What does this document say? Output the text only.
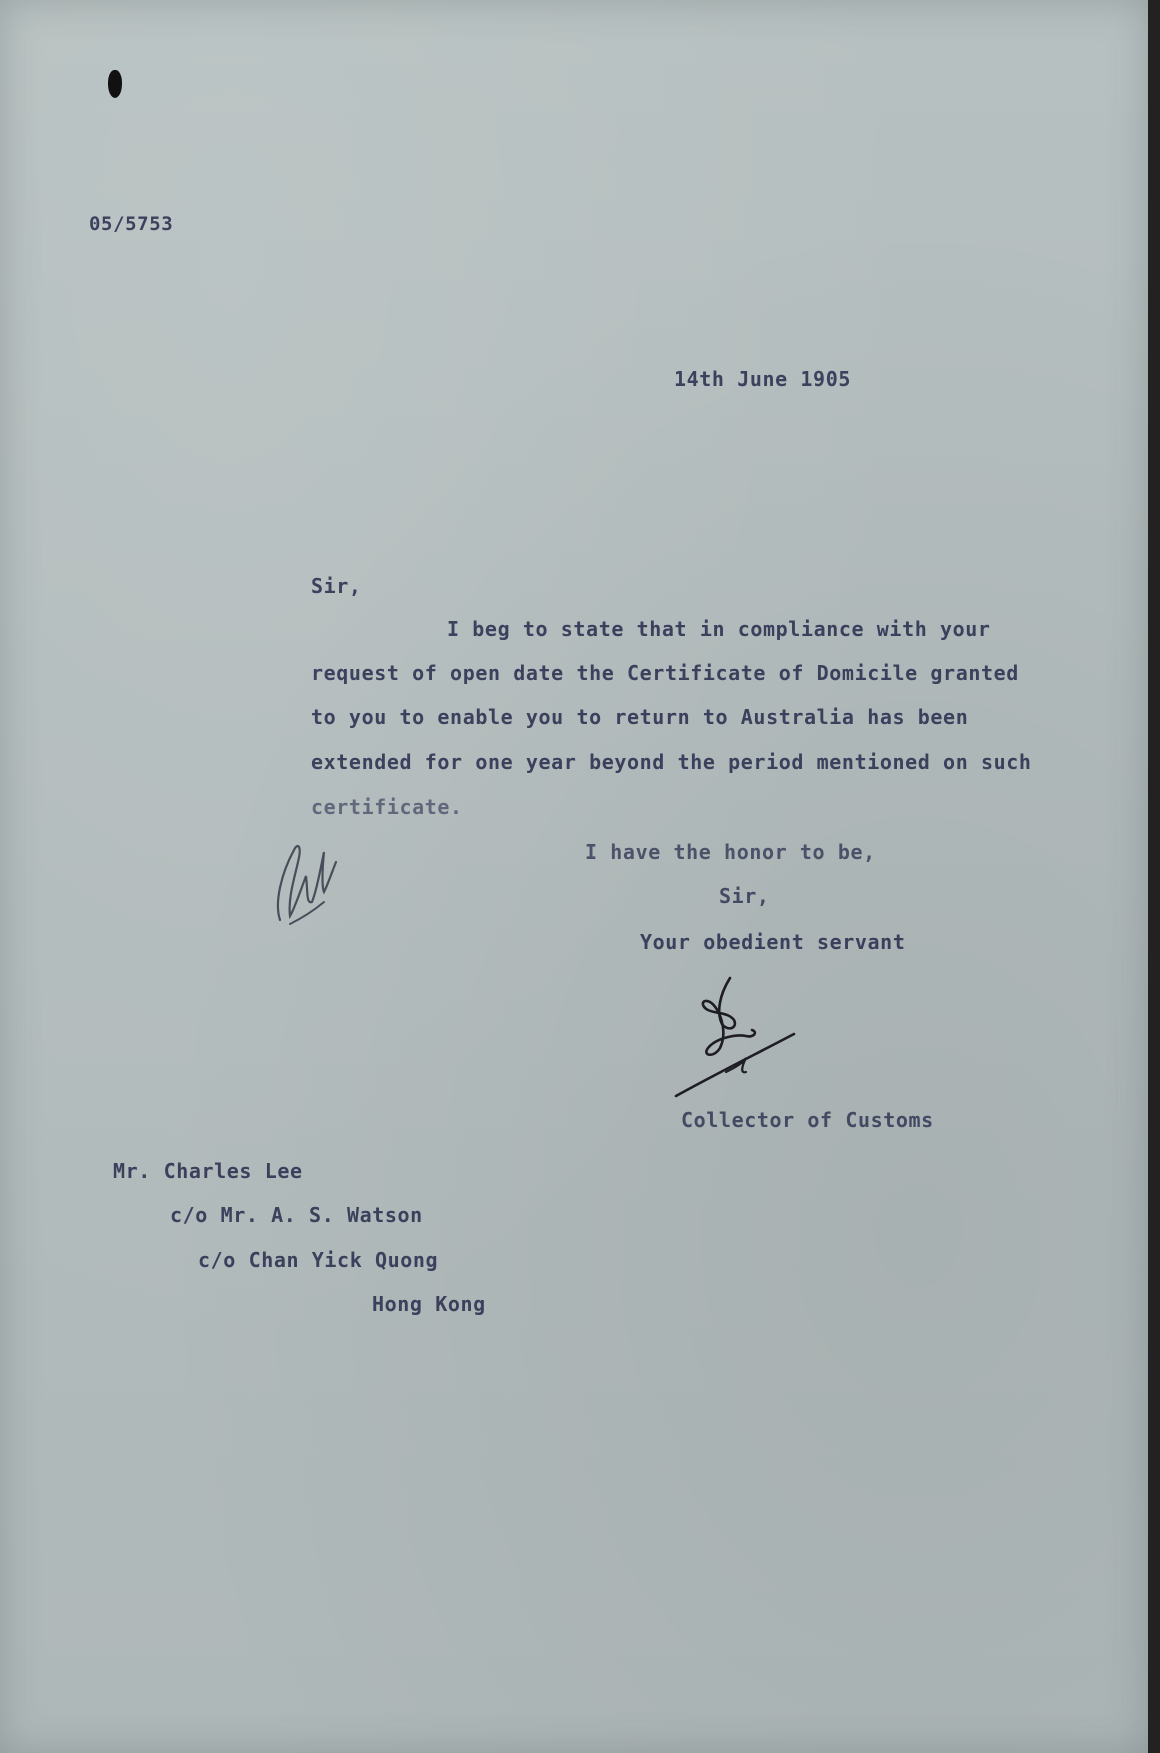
05/5753
14th June 1905
Sir,
I beg to state that in compliance with your
request of open date the Certificate of Domicile granted
to you to enable you to return to Australia has been
extended for one year beyond the period mentioned on such
certificate.
I have the honor to be,
Sir,
Your obedient servant
Collector of Customs
Mr. Charles Lee
c/o Mr. A. S. Watson
c/o Chan Yick Quong
Hong Kong
